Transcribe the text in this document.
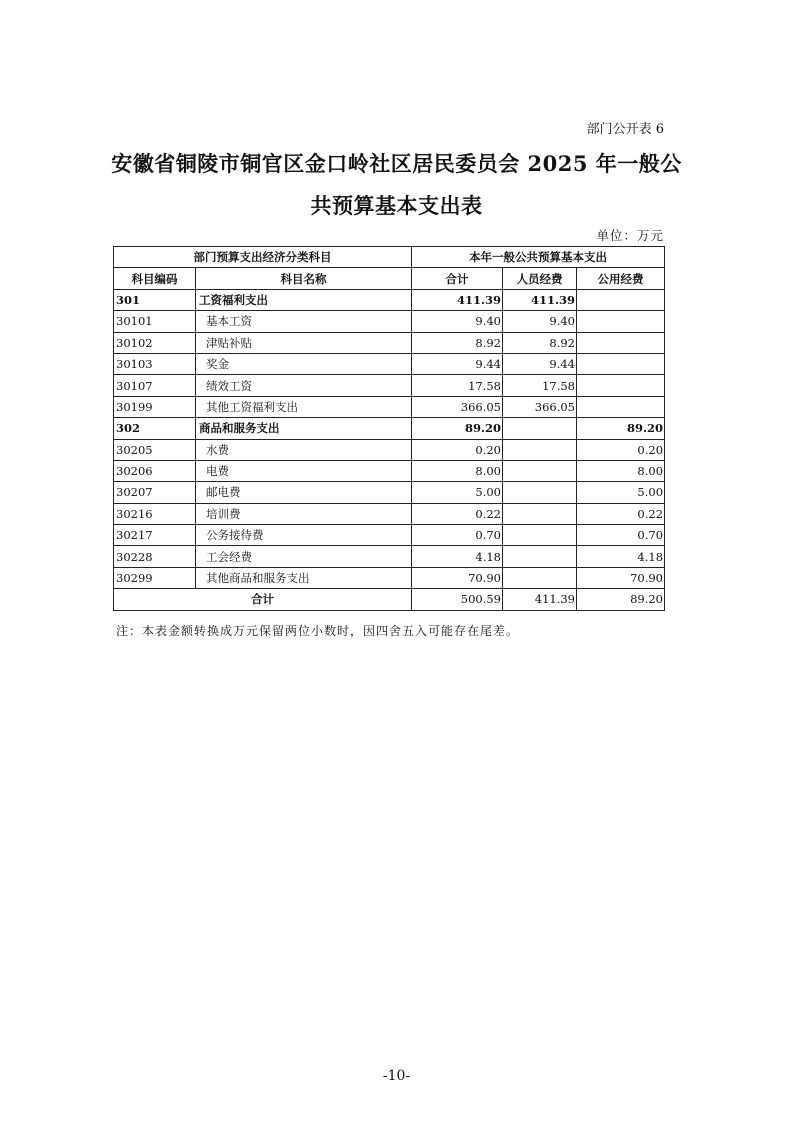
部门公开表 6
安徽省铜陵市铜官区金口岭社区居民委员会 2025 年一般公
共预算基本支出表
单位：万元
部门预算支出经济分类科目		本年一般公共预算基本支出		
科目编码	科目名称	合计	人员经费	公用经费
301	工资福利支出	411.39	411.39	
30101	基本工资	9.40	9.40	
30102	津贴补贴	8.92	8.92	
30103	奖金	9.44	9.44	
30107	绩效工资	17.58	17.58	
30199	其他工资福利支出	366.05	366.05	
302	商品和服务支出	89.20		89.20
30205	水费	0.20		0.20
30206	电费	8.00		8.00
30207	邮电费	5.00		5.00
30216	培训费	0.22		0.22
30217	公务接待费	0.70		0.70
30228	工会经费	4.18		4.18
30299	其他商品和服务支出	70.90		70.90
合计		500.59	411.39	89.20
注：本表金额转换成万元保留两位小数时，因四舍五入可能存在尾差。
-10-
